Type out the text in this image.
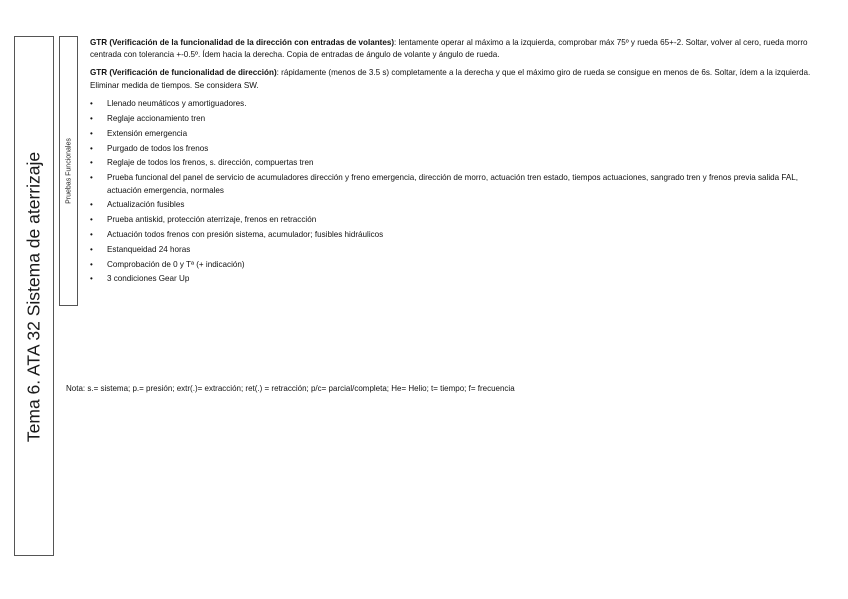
Tema 6. ATA 32 Sistema de aterrizaje	Pruebas Funcionales

GTR (Verificación de la funcionalidad de la dirección con entradas de volantes): lentamente operar al máximo a la izquierda, comprobar máx 75º y rueda 65+-2. Soltar, volver al cero, rueda morro centrada con tolerancia +-0.5º. Ídem hacia la derecha. Copia de entradas de ángulo de volante y ángulo de rueda.

GTR (Verificación de funcionalidad de dirección): rápidamente (menos de 3.5 s) completamente a la derecha y que el máximo giro de rueda se consigue en menos de 6s. Soltar, ídem a la izquierda. Eliminar medida de tiempos. Se considera SW.

• Llenado neumáticos y amortiguadores.
• Reglaje accionamiento tren
• Extensión emergencia
• Purgado de todos los frenos
• Reglaje de todos los frenos, s. dirección, compuertas tren
• Prueba funcional del panel de servicio de acumuladores dirección y freno emergencia, dirección de morro, actuación tren estado, tiempos actuaciones, sangrado tren y frenos previa salida FAL, actuación emergencia, normales
• Actualización fusibles
• Prueba antiskid, protección aterrizaje, frenos en retracción
• Actuación todos frenos con presión sistema, acumulador; fusibles hidráulicos
• Estanqueidad 24 horas
• Comprobación de 0 y Tª (+ indicación)
• 3 condiciones Gear Up
Nota: s.= sistema; p.= presión; extr(.)= extracción; ret(.) = retracción; p/c= parcial/completa; He= Helio; t= tiempo; f= frecuencia
